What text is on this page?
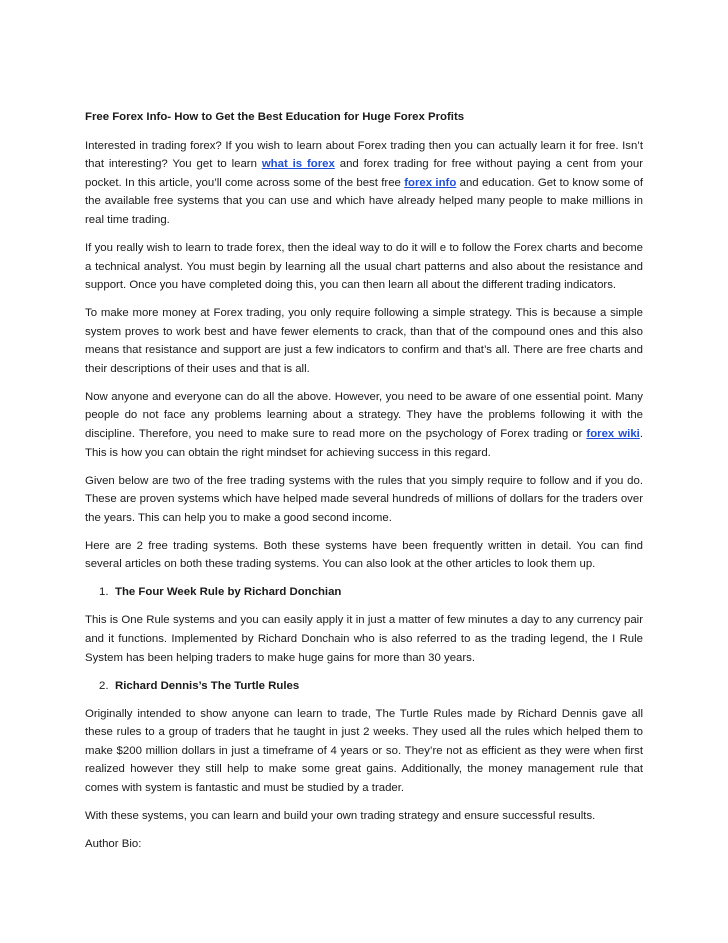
Free Forex Info- How to Get the Best Education for Huge Forex Profits

Interested in trading forex? If you wish to learn about Forex trading then you can actually learn it for free. Isn’t that interesting? You get to learn what is forex and forex trading for free without paying a cent from your pocket. In this article, you’ll come across some of the best free forex info and education. Get to know some of the available free systems that you can use and which have already helped many people to make millions in real time trading.

If you really wish to learn to trade forex, then the ideal way to do it will e to follow the Forex charts and become a technical analyst. You must begin by learning all the usual chart patterns and also about the resistance and support. Once you have completed doing this, you can then learn all about the different trading indicators.

To make more money at Forex trading, you only require following a simple strategy. This is because a simple system proves to work best and have fewer elements to crack, than that of the compound ones and this also means that resistance and support are just a few indicators to confirm and that’s all. There are free charts and their descriptions of their uses and that is all.

Now anyone and everyone can do all the above. However, you need to be aware of one essential point. Many people do not face any problems learning about a strategy. They have the problems following it with the discipline. Therefore, you need to make sure to read more on the psychology of Forex trading or forex wiki. This is how you can obtain the right mindset for achieving success in this regard.

Given below are two of the free trading systems with the rules that you simply require to follow and if you do. These are proven systems which have helped made several hundreds of millions of dollars for the traders over the years. This can help you to make a good second income.

Here are 2 free trading systems. Both these systems have been frequently written in detail. You can find several articles on both these trading systems. You can also look at the other articles to look them up.

1. The Four Week Rule by Richard Donchian

This is One Rule systems and you can easily apply it in just a matter of few minutes a day to any currency pair and it functions. Implemented by Richard Donchain who is also referred to as the trading legend, the I Rule System has been helping traders to make huge gains for more than 30 years.

2. Richard Dennis’s The Turtle Rules

Originally intended to show anyone can learn to trade, The Turtle Rules made by Richard Dennis gave all these rules to a group of traders that he taught in just 2 weeks. They used all the rules which helped them to make $200 million dollars in just a timeframe of 4 years or so. They’re not as efficient as they were when first realized however they still help to make some great gains. Additionally, the money management rule that comes with system is fantastic and must be studied by a trader.

With these systems, you can learn and build your own trading strategy and ensure successful results.

Author Bio:
